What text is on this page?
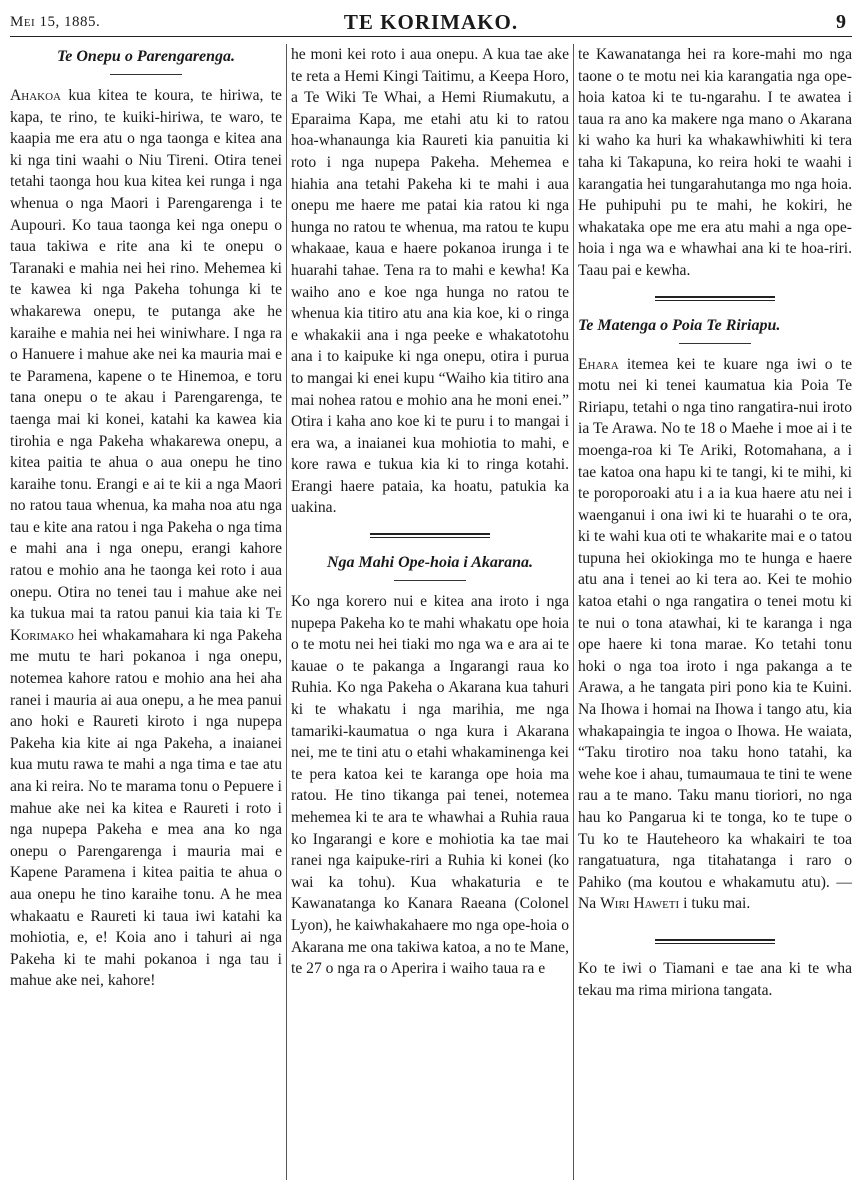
Mei 15, 1885.	TE KORIMAKO.	9
Te Onepu o Parengarenga.

Ahakoa kua kitea te koura, te hiriwa, te kapa, te rino, te kuiki-hiriwa, te waro, te kaapia me era atu o nga taonga e kitea ana ki nga tini waahi o Niu Tireni. Otira tenei tetahi taonga hou kua kitea kei runga i nga whenua o nga Maori i Parengarenga i te Aupouri. Ko taua taonga kei nga onepu o taua takiwa e rite ana ki te onepu o Taranaki e mahia nei hei rino. Mehemea ki te kawea ki nga Pakeha tohunga ki te whakarewa onepu, te putanga ake he karaihe e mahia nei hei winiwhare. I nga ra o Hanuere i mahue ake nei ka mauria mai e te Paramena, kapene o te Hinemoa, e toru tana onepu o te akau i Parengarenga, te taenga mai ki konei, katahi ka kawea kia tirohia e nga Pakeha whakarewa onepu, a kitea paitia te ahua o aua onepu he tino karaihe tonu. Erangi e ai te kii a nga Maori no ratou taua whenua, ka maha noa atu nga tau e kite ana ratou i nga Pakeha o nga tima e mahi ana i nga onepu, erangi kahore ratou e mohio ana he taonga kei roto i aua onepu. Otira no tenei tau i mahue ake nei ka tukua mai ta ratou panui kia taia ki Te Korimako hei whakamahara ki nga Pakeha me mutu te hari pokanoa i nga onepu, notemea kahore ratou e mohio ana hei aha ranei i mauria ai aua onepu, a he mea panui ano hoki e Raureti kiroto i nga nupepa Pakeha kia kite ai nga Pakeha, a inaianei kua mutu rawa te mahi a nga tima e tae atu ana ki reira. No te marama tonu o Pepuere i mahue ake nei ka kitea e Raureti i roto i nga nupepa Pakeha e mea ana ko nga onepu o Parengarenga i mauria mai e Kapene Paramena i kitea paitia te ahua o aua onepu he tino karaihe tonu. A he mea whakaatu e Raureti ki taua iwi katahi ka mohiotia, e, e! Koia ano i tahuri ai nga Pakeha ki te mahi pokanoa i nga tau i mahue ake nei, kahore!

he moni kei roto i aua onepu. A kua tae ake te reta a Hemi Kingi Taitimu, a Keepa Horo, a Te Wiki Te Whai, a Hemi Riumakutu, a Eparaima Kapa, me etahi atu ki to ratou hoa-whanaunga kia Raureti kia panuitia ki roto i nga nupepa Pakeha. Mehemea e hiahia ana tetahi Pakeha ki te mahi i aua onepu me haere me patai kia ratou ki nga hunga no ratou te whenua, ma ratou te kupu whakaae, kaua e haere pokanoa irunga i te huarahi tahae. Tena ra to mahi e kewha! Ka waiho ano e koe nga hunga no ratou te whenua kia titiro atu ana kia koe, ki o ringa e whakakii ana i nga peeke e whakatotohu ana i to kaipuke ki nga onepu, otira i purua to mangai ki enei kupu “Waiho kia titiro ana mai nohea ratou e mohio ana he moni enei.” Otira i kaha ano koe ki te puru i to mangai i era wa, a inaianei kua mohiotia to mahi, e kore rawa e tukua kia ki to ringa kotahi. Erangi haere pataia, ka hoatu, patukia ka uakina.

Nga Mahi Ope-hoia i Akarana.

Ko nga korero nui e kitea ana iroto i nga nupepa Pakeha ko te mahi whakatu ope hoia o te motu nei hei tiaki mo nga wa e ara ai te kauae o te pakanga a Ingarangi raua ko Ruhia. Ko nga Pakeha o Akarana kua tahuri ki te whakatu i nga marihia, me nga tamariki-kaumatua o nga kura i Akarana nei, me te tini atu o etahi whakaminenga kei te pera katoa kei te karanga ope hoia ma ratou. He tino tikanga pai tenei, notemea mehemea ki te ara te whawhai a Ruhia raua ko Ingarangi e kore e mohiotia ka tae mai ranei nga kaipuke-riri a Ruhia ki konei (ko wai ka tohu). Kua whakaturia e te Kawanatanga ko Kanara Raeana (Colonel Lyon), he kaiwhakahaere mo nga ope-hoia o Akarana me ona takiwa katoa, a no te Mane, te 27 o nga ra o Aperira i waiho taua ra e

te Kawanatanga hei ra kore-mahi mo nga taone o te motu nei kia karangatia nga ope-hoia katoa ki te tu-ngarahu. I te awatea i taua ra ano ka makere nga mano o Akarana ki waho ka huri ka whakawhiwhiti ki tera taha ki Takapuna, ko reira hoki te waahi i karangatia hei tungarahutanga mo nga hoia. He puhipuhi pu te mahi, he kokiri, he whakataka ope me era atu mahi a nga ope-hoia i nga wa e whawhai ana ki te hoa-riri. Taau pai e kewha.

Te Matenga o Poia Te Ririapu.

Ehara itemea kei te kuare nga iwi o te motu nei ki tenei kaumatua kia Poia Te Ririapu, tetahi o nga tino rangatira-nui iroto ia Te Arawa. No te 18 o Maehe i moe ai i te moenga-roa ki Te Ariki, Rotomahana, a i tae katoa ona hapu ki te tangi, ki te mihi, ki te poroporoaki atu i a ia kua haere atu nei i waenganui i ona iwi ki te huarahi o te ora, ki te wahi kua oti te whakarite mai e o tatou tupuna hei okiokinga mo te hunga e haere atu ana i tenei ao ki tera ao. Kei te mohio katoa etahi o nga rangatira o tenei motu ki te nui o tona atawhai, ki te karanga i nga ope haere ki tona marae. Ko tetahi tonu hoki o nga toa iroto i nga pakanga a te Arawa, a he tangata piri pono kia te Kuini. Na Ihowa i homai na Ihowa i tango atu, kia whakapaingia te ingoa o Ihowa. He waiata, “Taku tirotiro noa taku hono tatahi, ka wehe koe i ahau, tumaumaua te tini te wene rau a te mano. Taku manu tioriori, no nga hau ko Pangarua ki te tonga, ko te tupe o Tu ko te Hauteheoro ka whakairi te toa rangatuatura, nga titahatanga i raro o Pahiko (ma koutou e whakamutu atu). —Na Wiri Haweti i tuku mai.

Ko te iwi o Tiamani e tae ana ki te wha tekau ma rima miriona tangata.
